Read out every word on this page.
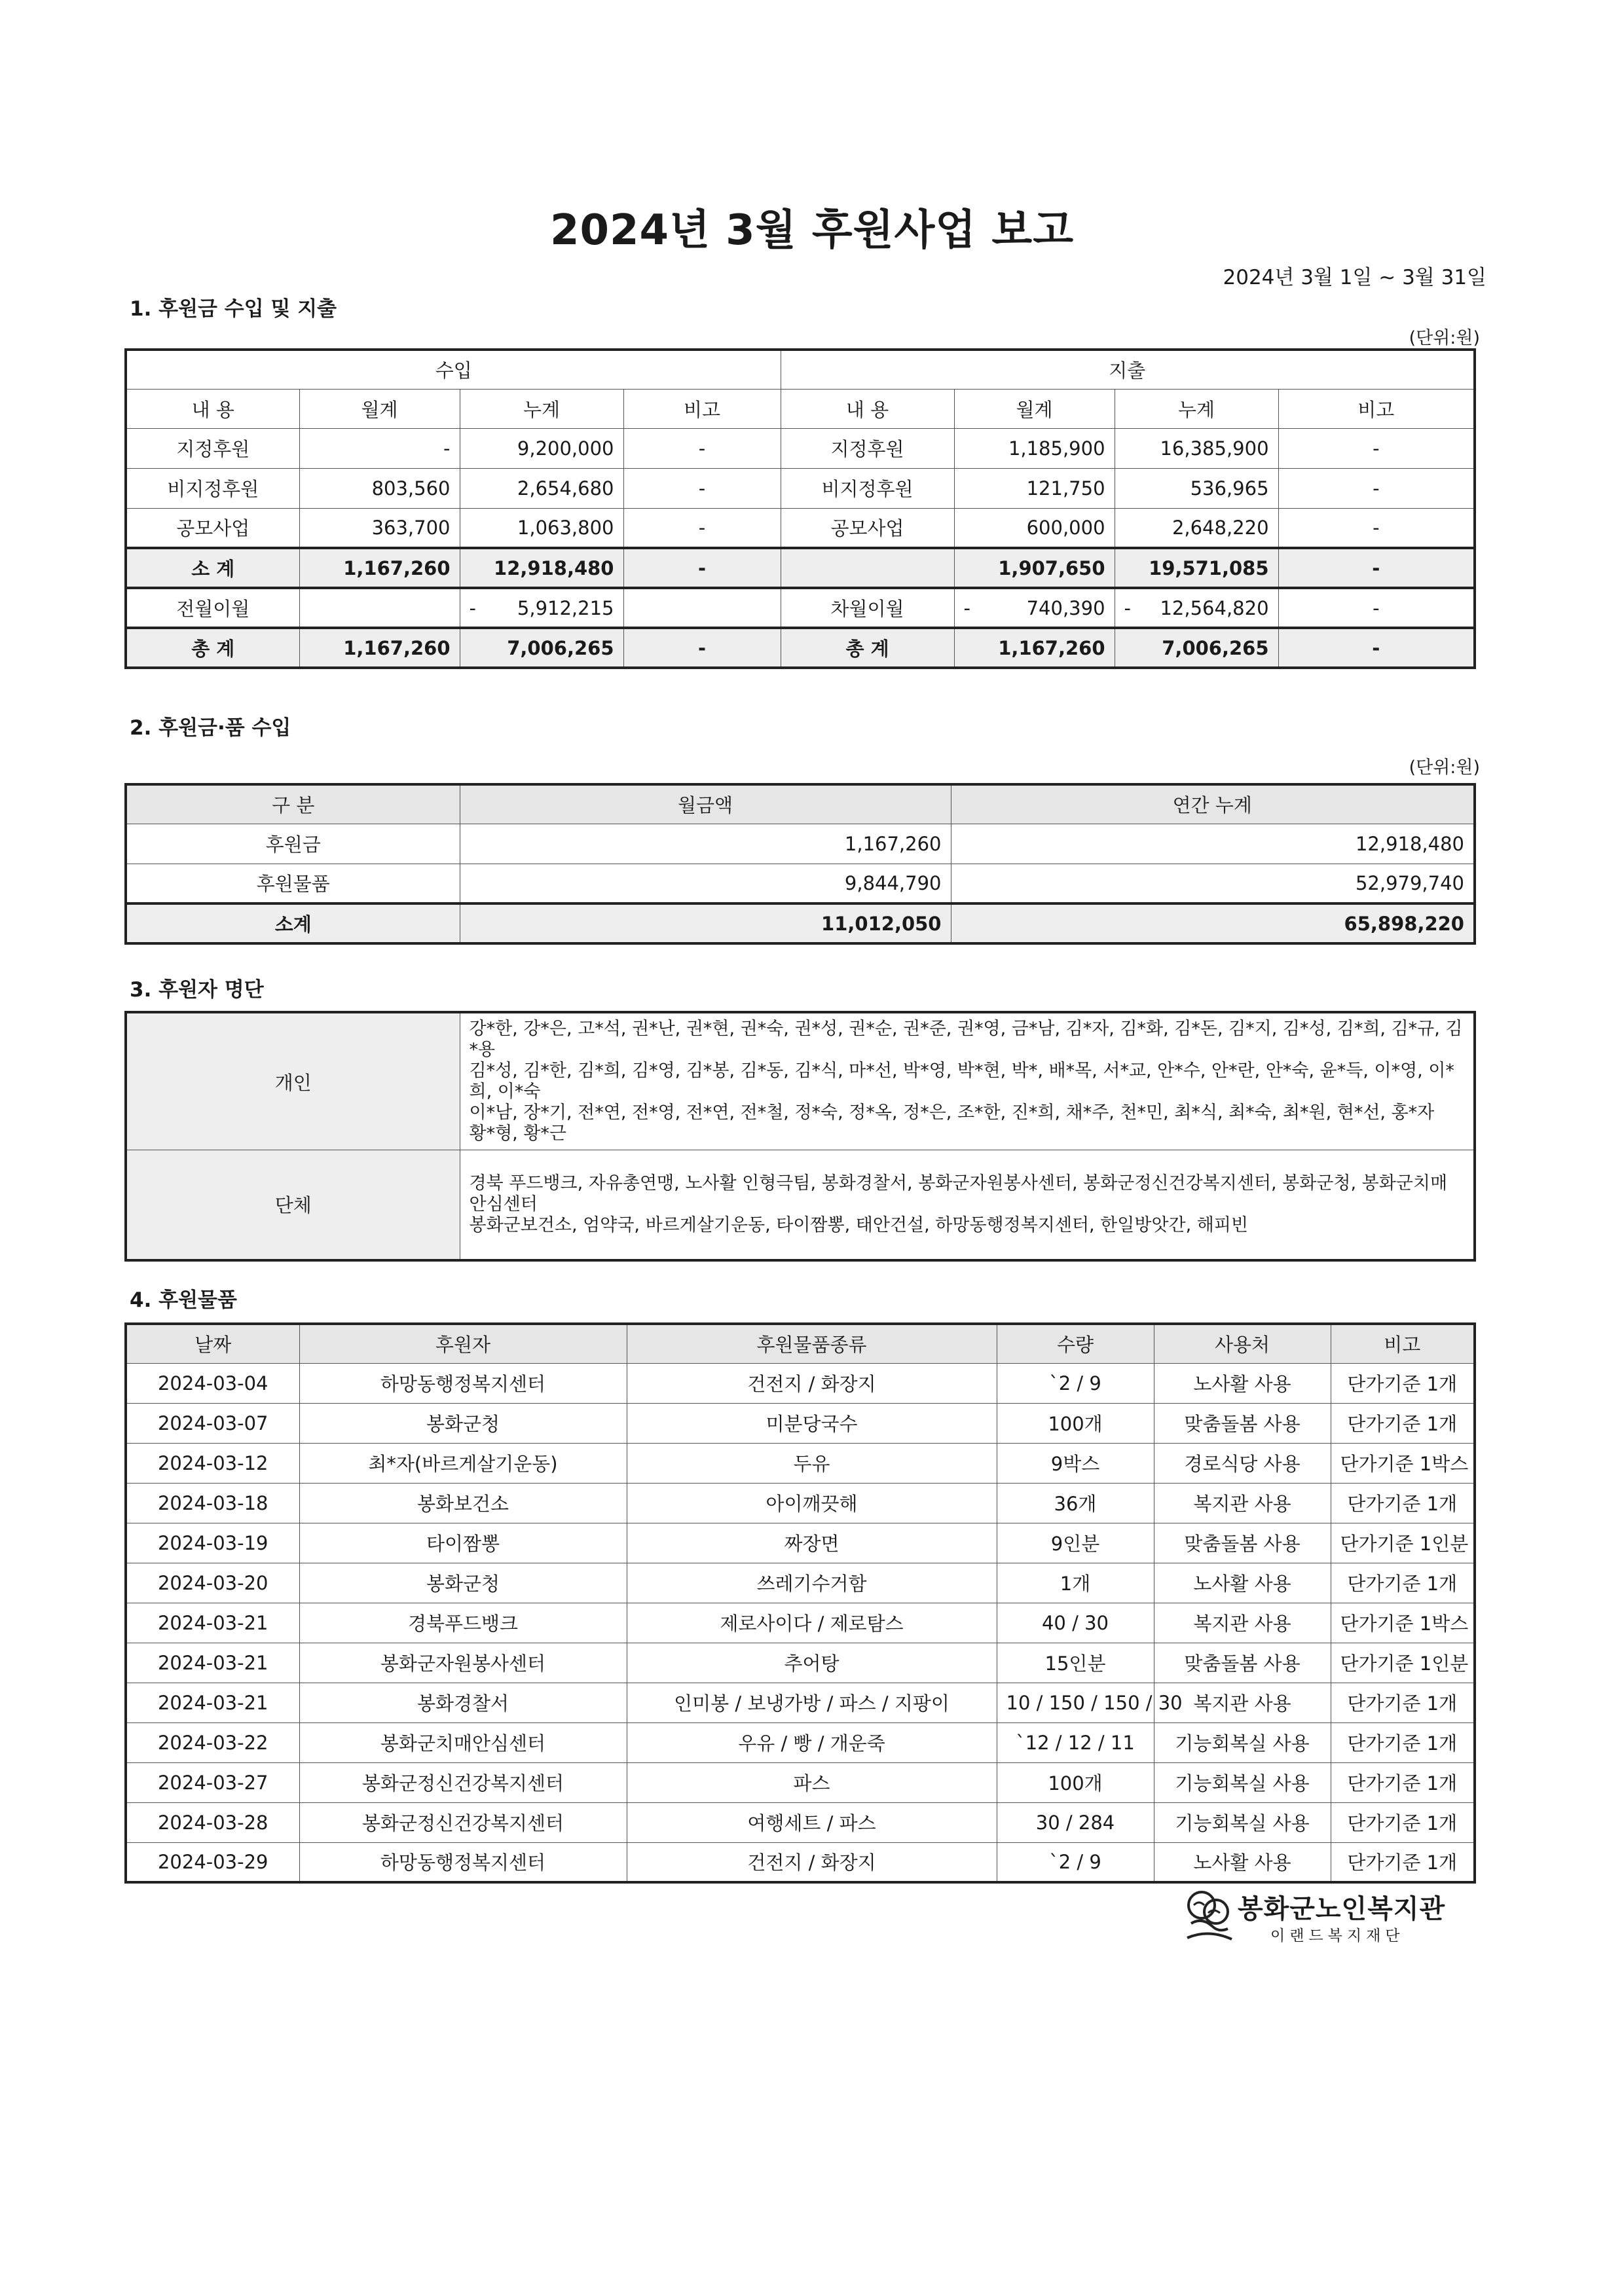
2024년 3월 후원사업 보고
2024년 3월 1일 ~ 3월 31일
1. 후원금 수입 및 지출
(단위:원)
수입				지출			
내 용	월계	누계	비고	내 용	월계	누계	비고
지정후원	-	9,200,000	-	지정후원	1,185,900	16,385,900	-
비지정후원	803,560	2,654,680	-	비지정후원	121,750	536,965	-
공모사업	363,700	1,063,800	-	공모사업	600,000	2,648,220	-
소 계	1,167,260	12,918,480	-		1,907,650	19,571,085	-
전월이월		- 5,912,215		차월이월	- 740,390	- 12,564,820	-
총 계	1,167,260	7,006,265	-	총 계	1,167,260	7,006,265	-
2. 후원금·품 수입
(단위:원)
구 분	월금액	연간 누계
후원금	1,167,260	12,918,480
후원물품	9,844,790	52,979,740
소계	11,012,050	65,898,220
3. 후원자 명단
개인	강*한, 강*은, 고*석, 권*난, 권*현, 권*숙, 권*성, 권*순, 권*준, 권*영, 금*남, 김*자, 김*화, 김*돈, 김*지, 김*성, 김*희, 김*규, 김*용
김*성, 김*한, 김*희, 김*영, 김*봉, 김*동, 김*식, 마*선, 박*영, 박*현, 박*, 배*목, 서*교, 안*수, 안*란, 안*숙, 윤*득, 이*영, 이*희, 이*숙
이*남, 장*기, 전*연, 전*영, 전*연, 전*철, 정*숙, 정*옥, 정*은, 조*한, 진*희, 채*주, 천*민, 최*식, 최*숙, 최*원, 현*선, 홍*자
황*형, 황*근

단체	경북 푸드뱅크, 자유총연맹, 노사활 인형극팀, 봉화경찰서, 봉화군자원봉사센터, 봉화군정신건강복지센터, 봉화군청, 봉화군치매안심센터
봉화군보건소, 엄약국, 바르게살기운동, 타이짬뽕, 태안건설, 하망동행정복지센터, 한일방앗간, 해피빈
4. 후원물품
날짜	후원자	후원물품종류	수량	사용처	비고
2024-03-04	하망동행정복지센터	건전지 / 화장지	`2 / 9	노사활 사용	단가기준 1개
2024-03-07	봉화군청	미분당국수	100개	맞춤돌봄 사용	단가기준 1개
2024-03-12	최*자(바르게살기운동)	두유	9박스	경로식당 사용	단가기준 1박스
2024-03-18	봉화보건소	아이깨끗해	36개	복지관 사용	단가기준 1개
2024-03-19	타이짬뽕	짜장면	9인분	맞춤돌봄 사용	단가기준 1인분
2024-03-20	봉화군청	쓰레기수거함	1개	노사활 사용	단가기준 1개
2024-03-21	경북푸드뱅크	제로사이다 / 제로탐스	40 / 30	복지관 사용	단가기준 1박스
2024-03-21	봉화군자원봉사센터	추어탕	15인분	맞춤돌봄 사용	단가기준 1인분
2024-03-21	봉화경찰서	인미봉 / 보냉가방 / 파스 / 지팡이	10 / 150 / 150 / 30	복지관 사용	단가기준 1개
2024-03-22	봉화군치매안심센터	우유 / 빵 / 개운죽	`12 / 12 / 11	기능회복실 사용	단가기준 1개
2024-03-27	봉화군정신건강복지센터	파스	100개	기능회복실 사용	단가기준 1개
2024-03-28	봉화군정신건강복지센터	여행세트 / 파스	30 / 284	기능회복실 사용	단가기준 1개
2024-03-29	하망동행정복지센터	건전지 / 화장지	`2 / 9	노사활 사용	단가기준 1개
봉화군노인복지관
이랜드복지재단
